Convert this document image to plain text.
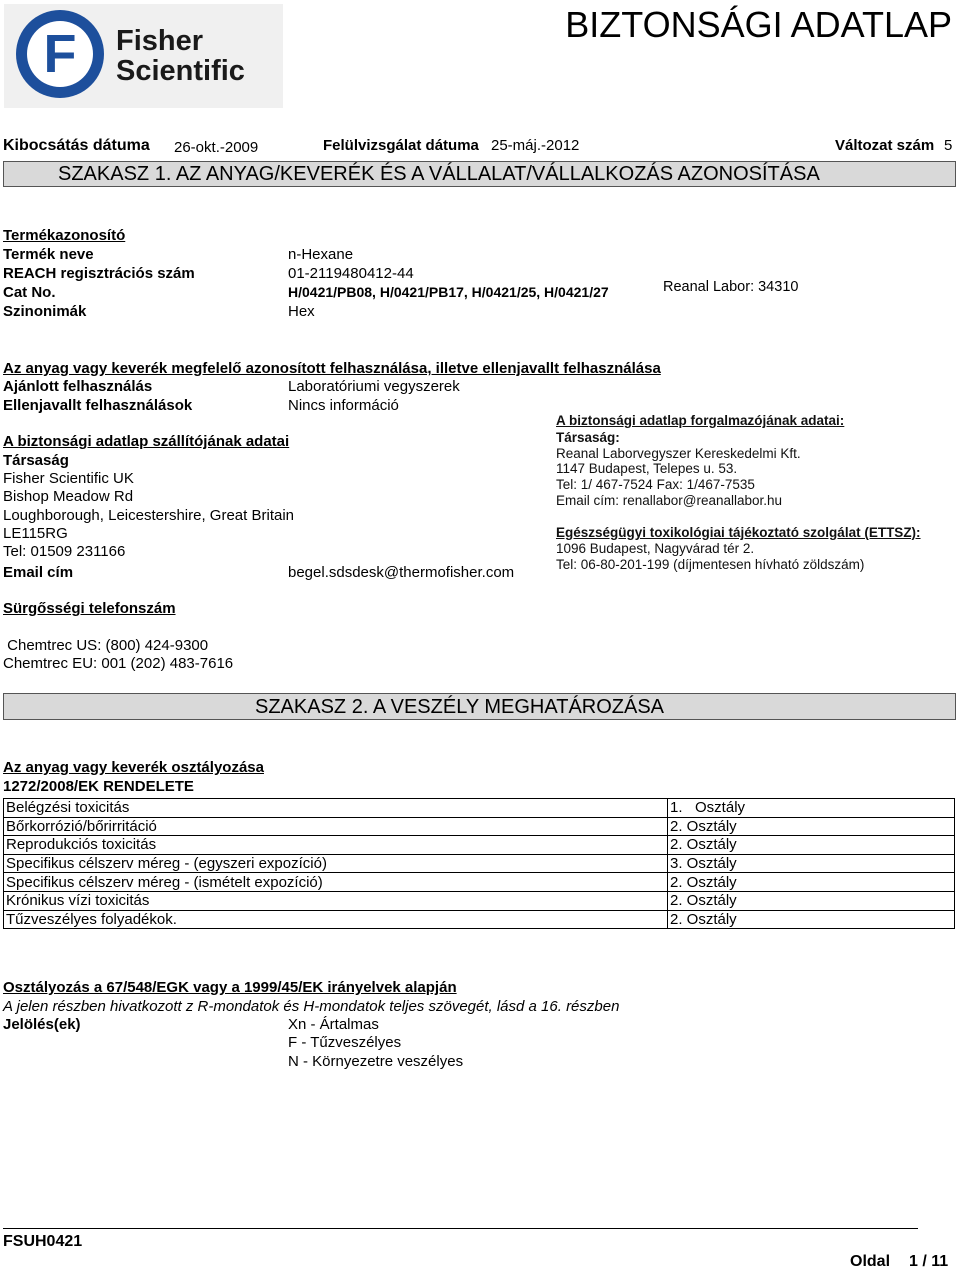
F	Fisher
Scientific
BIZTONSÁGI ADATLAP
Kibocsátás dátuma 26-okt.-2009	Felülvizsgálat dátuma 25-máj.-2012	Változat szám 5
SZAKASZ 1. AZ ANYAG/KEVERÉK ÉS A VÁLLALAT/VÁLLALKOZÁS AZONOSÍTÁSA
Termékazonosító
Termék neve	n-Hexane
REACH regisztrációs szám	01-2119480412-44
Cat No.	H/0421/PB08, H/0421/PB17, H/0421/25, H/0421/27	Reanal Labor: 34310
Szinonimák	Hex
Az anyag vagy keverék megfelelő azonosított felhasználása, illetve ellenjavallt felhasználása
Ajánlott felhasználás	Laboratóriumi vegyszerek
Ellenjavallt felhasználások	Nincs információ
A biztonsági adatlap szállítójának adatai
Társaság
Fisher Scientific UK
Bishop Meadow Rd
Loughborough, Leicestershire, Great Britain
LE115RG
Tel: 01509 231166
Email cím	begel.sdsdesk@thermofisher.com
A biztonsági adatlap forgalmazójának adatai:
Társaság:
Reanal Laborvegyszer Kereskedelmi Kft.
1147 Budapest, Telepes u. 53.
Tel: 1/ 467-7524 Fax: 1/467-7535
Email cím: renallabor@reanallabor.hu
Egészségügyi toxikológiai tájékoztató szolgálat (ETTSZ):
1096 Budapest, Nagyvárad tér 2.
Tel: 06-80-201-199 (díjmentesen hívható zöldszám)
Sürgősségi telefonszám
Chemtrec US: (800) 424-9300
Chemtrec EU: 001 (202) 483-7616
SZAKASZ 2. A VESZÉLY MEGHATÁROZÁSA
Az anyag vagy keverék osztályozása
1272/2008/EK RENDELETE
Belégzési toxicitás	1.   Osztály
Bőrkorrózió/bőrirritáció	2. Osztály
Reprodukciós toxicitás	2. Osztály
Specifikus célszerv méreg - (egyszeri expozíció)	3. Osztály
Specifikus célszerv méreg - (ismételt expozíció)	2. Osztály
Krónikus vízi toxicitás	2. Osztály
Tűzveszélyes folyadékok.	2. Osztály
Osztályozás a 67/548/EGK vagy a 1999/45/EK irányelvek alapján
A jelen részben hivatkozott z R-mondatok és H-mondatok teljes szövegét, lásd a 16. részben
Jelölés(ek)	Xn - Ártalmas
F - Tűzveszélyes
N - Környezetre veszélyes
FSUH0421
Oldal 1 / 11
